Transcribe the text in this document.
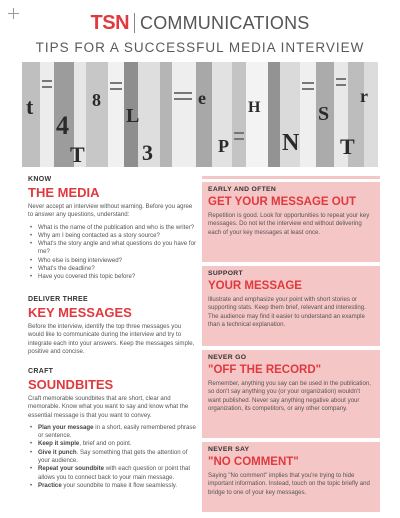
TSN COMMUNICATIONS
TIPS FOR A SUCCESSFUL MEDIA INTERVIEW
t
4
T
8
L
3
e
P
H
N
S
T
r
KNOW
THE MEDIA
Never accept an interview without warning. Before you agree to answer any questions, understand:
• What is the name of the publication and who is the writer?
• Why am I being contacted as a story source?
• What's the story angle and what questions do you have for me?
• Who else is being interviewed?
• What's the deadline?
• Have you covered this topic before?
DELIVER THREE
KEY MESSAGES
Before the interview, identify the top three messages you would like to communicate during the interview and try to integrate each into your answers. Keep the messages simple, positive and concise.
CRAFT
SOUNDBITES
Craft memorable soundbites that are short, clear and memorable. Know what you want to say and know what the essential message is that you want to convey.
• Plan your message in a short, easily remembered phrase or sentence.
• Keep it simple, brief and on point.
• Give it punch. Say something that gets the attention of your audience.
• Repeat your soundbite with each question or point that allows you to connect back to your main message.
• Practice your soundbite to make it flow seamlessly.
EARLY AND OFTEN
GET YOUR MESSAGE OUT
Repetition is good. Look for opportunities to repeat your key messages. Do not let the interview end without delivering each of your key messages at least once.
SUPPORT
YOUR MESSAGE
Illustrate and emphasize your point with short stories or supporting stats. Keep them brief, relevant and interesting. The audience may find it easier to understand an example than a technical explanation.
NEVER GO
"OFF THE RECORD"
Remember, anything you say can be used in the publication, so don't say anything you (or your organization) wouldn't want published. Never say anything negative about your organization, its competitors, or any other company.
NEVER SAY
"NO COMMENT"
Saying "No comment" implies that you're trying to hide important information. Instead, touch on the topic briefly and bridge to one of your key messages.
